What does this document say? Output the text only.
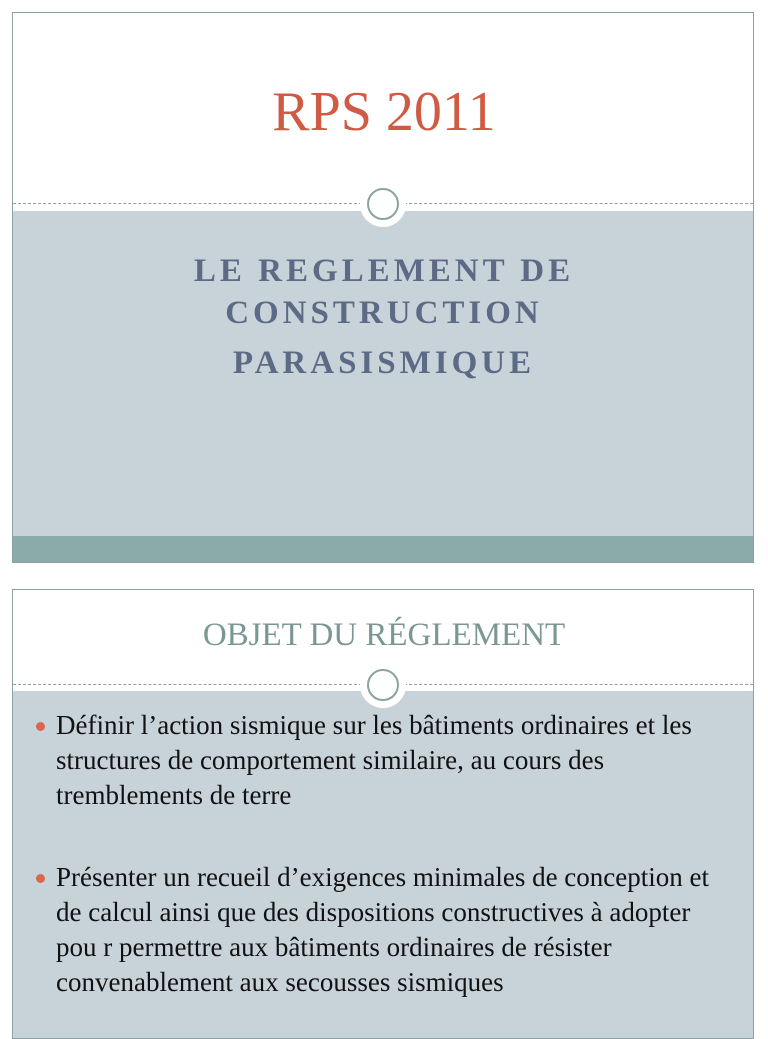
RPS 2011
LE REGLEMENT DE
CONSTRUCTION
PARASISMIQUE
OBJET DU RÉGLEMENT
Définir l’action sismique sur les bâtiments ordinaires et les structures de comportement similaire, au cours des tremblements de terre
Présenter un recueil d’exigences minimales de conception et de calcul ainsi que des dispositions constructives à adopter pou r permettre aux bâtiments ordinaires de résister convenablement aux secousses sismiques
